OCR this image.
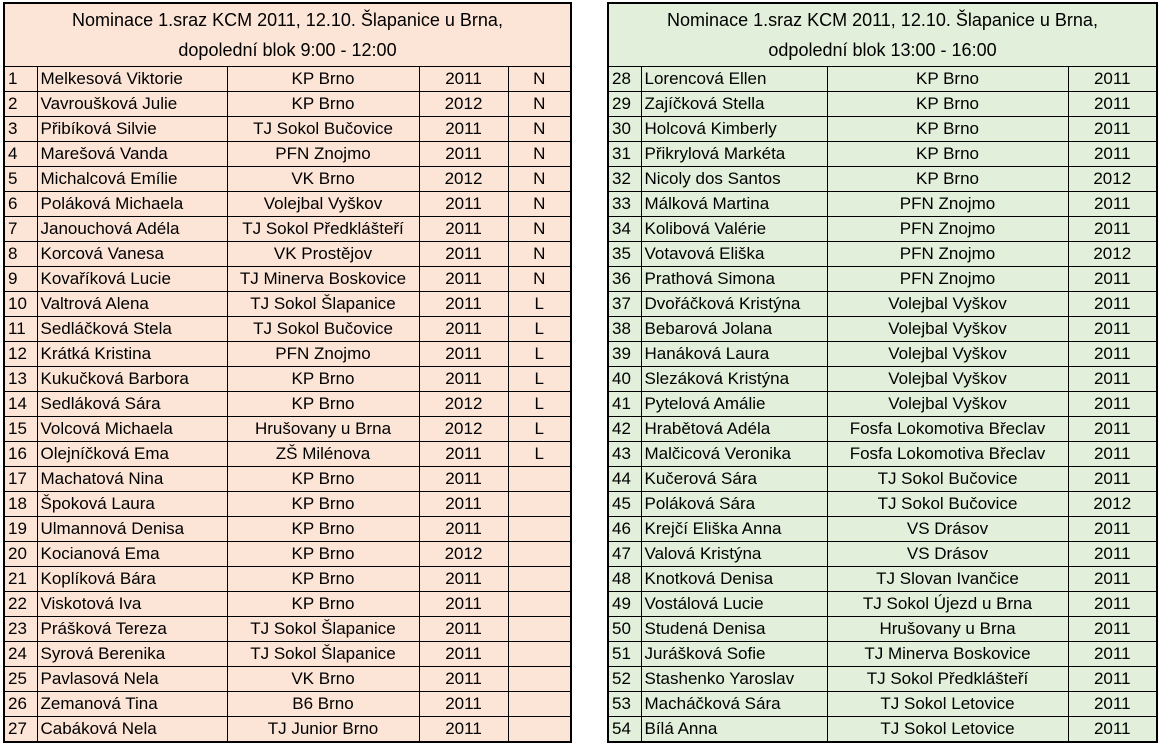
Nominace 1.sraz KCM 2011, 12.10. Šlapanice u Brna,
dopolední blok 9:00 - 12:00				

1	Melkesová Viktorie	KP Brno	2011	N
2	Vavroušková Julie	KP Brno	2012	N
3	Přibíková Silvie	TJ Sokol Bučovice	2011	N
4	Marešová Vanda	PFN Znojmo	2011	N
5	Michalcová Emílie	VK Brno	2012	N
6	Poláková Michaela	Volejbal Vyškov	2011	N
7	Janouchová Adéla	TJ Sokol Předklášteří	2011	N
8	Korcová Vanesa	VK Prostějov	2011	N
9	Kovaříková Lucie	TJ Minerva Boskovice	2011	N
10	Valtrová Alena	TJ Sokol Šlapanice	2011	L
11	Sedláčková Stela	TJ Sokol Bučovice	2011	L
12	Krátká Kristina	PFN Znojmo	2011	L
13	Kukučková Barbora	KP Brno	2011	L
14	Sedláková Sára	KP Brno	2012	L
15	Volcová Michaela	Hrušovany u Brna	2012	L
16	Olejníčková Ema	ZŠ Milénova	2011	L
17	Machatová Nina	KP Brno	2011	
18	Špoková Laura	KP Brno	2011	
19	Ulmannová Denisa	KP Brno	2011	
20	Kocianová Ema	KP Brno	2012	
21	Koplíková Bára	KP Brno	2011	
22	Viskotová Iva	KP Brno	2011	
23	Prášková Tereza	TJ Sokol Šlapanice	2011	
24	Syrová Berenika	TJ Sokol Šlapanice	2011	
25	Pavlasová Nela	VK Brno	2011	
26	Zemanová Tina	B6 Brno	2011	
27	Cabáková Nela	TJ Junior Brno	2011	
Nominace 1.sraz KCM 2011, 12.10. Šlapanice u Brna,
odpolední blok 13:00 - 16:00			

28	Lorencová Ellen	KP Brno	2011
29	Zajíčková Stella	KP Brno	2011
30	Holcová Kimberly	KP Brno	2011
31	Přikrylová Markéta	KP Brno	2011
32	Nicoly dos Santos	KP Brno	2012
33	Málková Martina	PFN Znojmo	2011
34	Kolibová Valérie	PFN Znojmo	2011
35	Votavová Eliška	PFN Znojmo	2012
36	Prathová Simona	PFN Znojmo	2011
37	Dvořáčková Kristýna	Volejbal Vyškov	2011
38	Bebarová Jolana	Volejbal Vyškov	2011
39	Hanáková Laura	Volejbal Vyškov	2011
40	Slezáková Kristýna	Volejbal Vyškov	2011
41	Pytelová Amálie	Volejbal Vyškov	2011
42	Hrabětová Adéla	Fosfa Lokomotiva Břeclav	2011
43	Malčicová Veronika	Fosfa Lokomotiva Břeclav	2011
44	Kučerová Sára	TJ Sokol Bučovice	2011
45	Poláková Sára	TJ Sokol Bučovice	2012
46	Krejčí Eliška Anna	VS Drásov	2011
47	Valová Kristýna	VS Drásov	2011
48	Knotková Denisa	TJ Slovan Ivančice	2011
49	Vostálová Lucie	TJ Sokol Újezd u Brna	2011
50	Studená Denisa	Hrušovany u Brna	2011
51	Jurášková Sofie	TJ Minerva Boskovice	2011
52	Stashenko Yaroslav	TJ Sokol Předklášteří	2011
53	Macháčková Sára	TJ Sokol Letovice	2011
54	Bílá Anna	TJ Sokol Letovice	2011
